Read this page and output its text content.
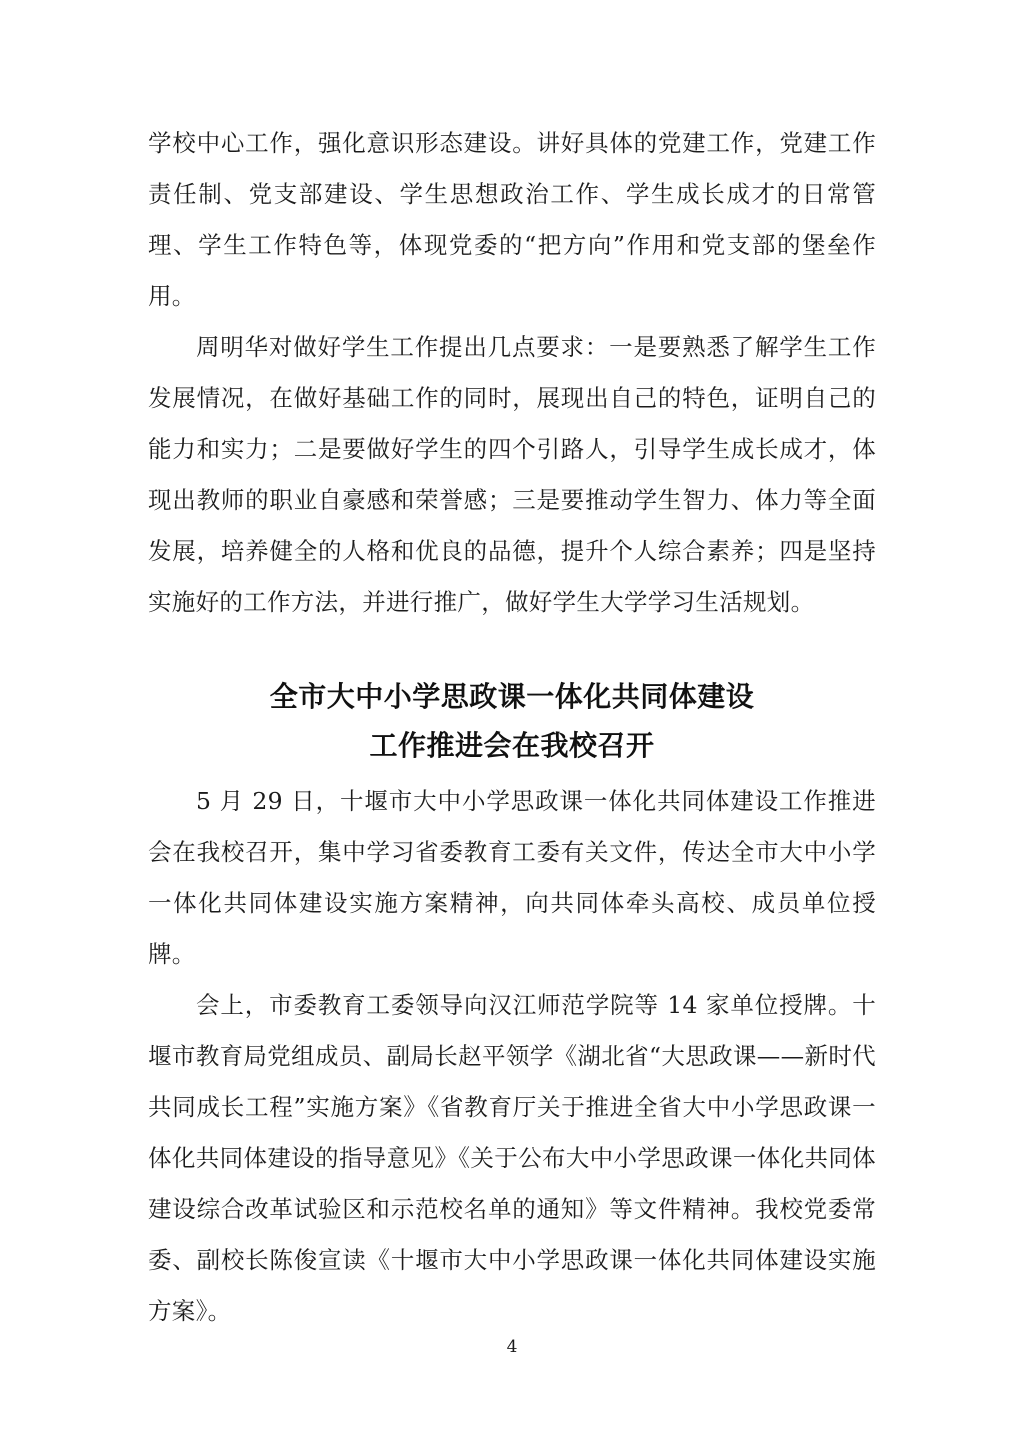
学校中心工作，强化意识形态建设。讲好具体的党建工作，党建工作责任制、党支部建设、学生思想政治工作、学生成长成才的日常管理、学生工作特色等，体现党委的“把方向”作用和党支部的堡垒作用。

周明华对做好学生工作提出几点要求：一是要熟悉了解学生工作发展情况，在做好基础工作的同时，展现出自己的特色，证明自己的能力和实力；二是要做好学生的四个引路人，引导学生成长成才，体现出教师的职业自豪感和荣誉感；三是要推动学生智力、体力等全面发展，培养健全的人格和优良的品德，提升个人综合素养；四是坚持实施好的工作方法，并进行推广，做好学生大学学习生活规划。

全市大中小学思政课一体化共同体建设
工作推进会在我校召开

5 月 29 日，十堰市大中小学思政课一体化共同体建设工作推进会在我校召开，集中学习省委教育工委有关文件，传达全市大中小学一体化共同体建设实施方案精神，向共同体牵头高校、成员单位授牌。

会上，市委教育工委领导向汉江师范学院等 14 家单位授牌。十堰市教育局党组成员、副局长赵平领学《湖北省“大思政课——新时代共同成长工程”实施方案》《省教育厅关于推进全省大中小学思政课一体化共同体建设的指导意见》《关于公布大中小学思政课一体化共同体建设综合改革试验区和示范校名单的通知》等文件精神。我校党委常委、副校长陈俊宣读《十堰市大中小学思政课一体化共同体建设实施方案》。

4
